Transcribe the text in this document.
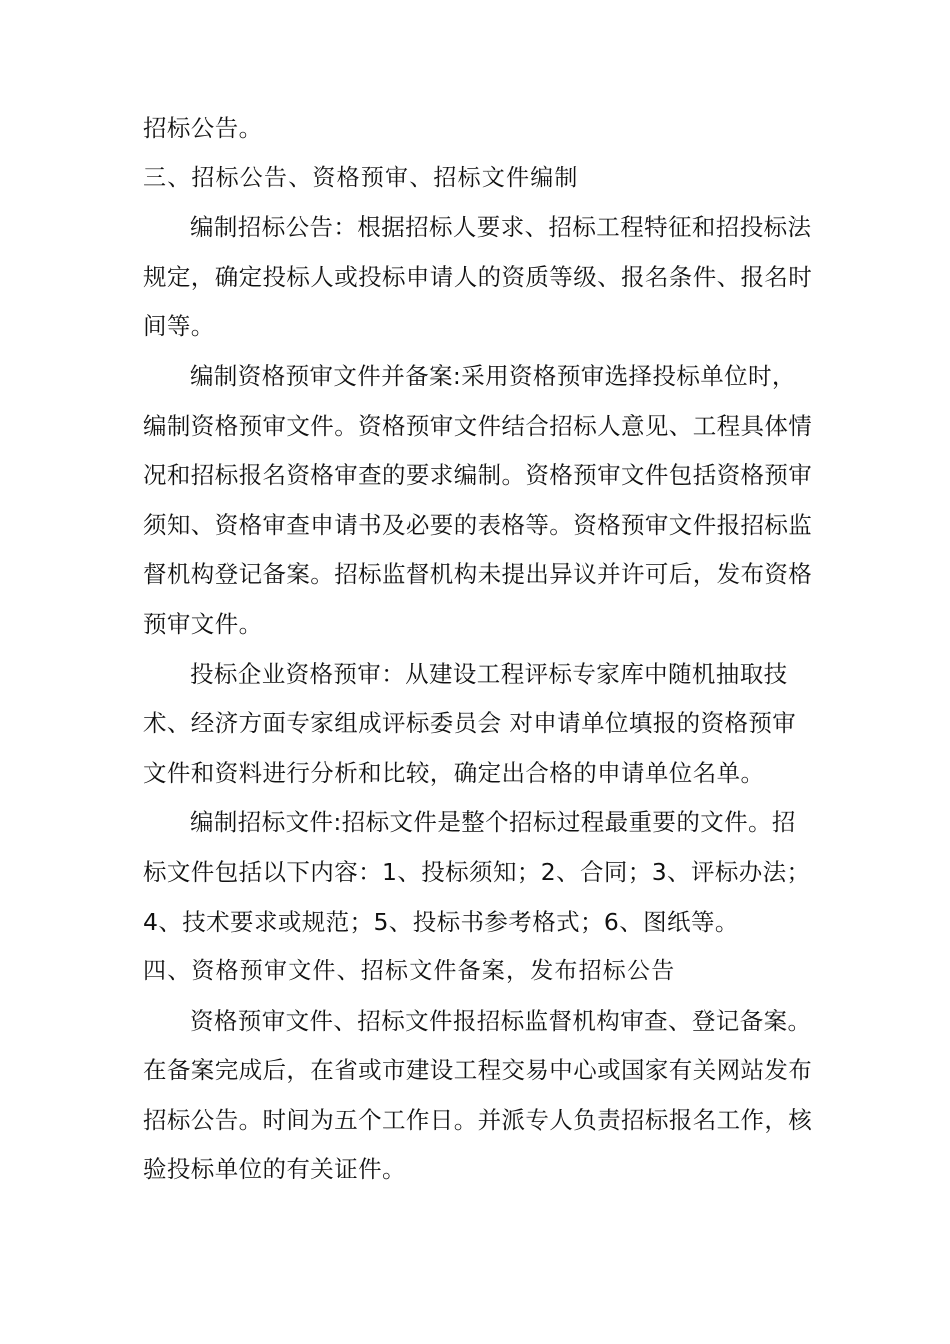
招标公告。
三、招标公告、资格预审、招标文件编制
编制招标公告：根据招标人要求、招标工程特征和招投标法
规定，确定投标人或投标申请人的资质等级、报名条件、报名时
间等。
编制资格预审文件并备案:采用资格预审选择投标单位时，
编制资格预审文件。资格预审文件结合招标人意见、工程具体情
况和招标报名资格审查的要求编制。资格预审文件包括资格预审
须知、资格审查申请书及必要的表格等。资格预审文件报招标监
督机构登记备案。招标监督机构未提出异议并许可后，发布资格
预审文件。
投标企业资格预审：从建设工程评标专家库中随机抽取技
术、经济方面专家组成评标委员会 对申请单位填报的资格预审
文件和资料进行分析和比较，确定出合格的申请单位名单。
编制招标文件:招标文件是整个招标过程最重要的文件。招
标文件包括以下内容：1、投标须知；2、合同；3、评标办法；
4、技术要求或规范；5、投标书参考格式；6、图纸等。
四、资格预审文件、招标文件备案，发布招标公告
资格预审文件、招标文件报招标监督机构审查、登记备案。
在备案完成后，在省或市建设工程交易中心或国家有关网站发布
招标公告。时间为五个工作日。并派专人负责招标报名工作，核
验投标单位的有关证件。
